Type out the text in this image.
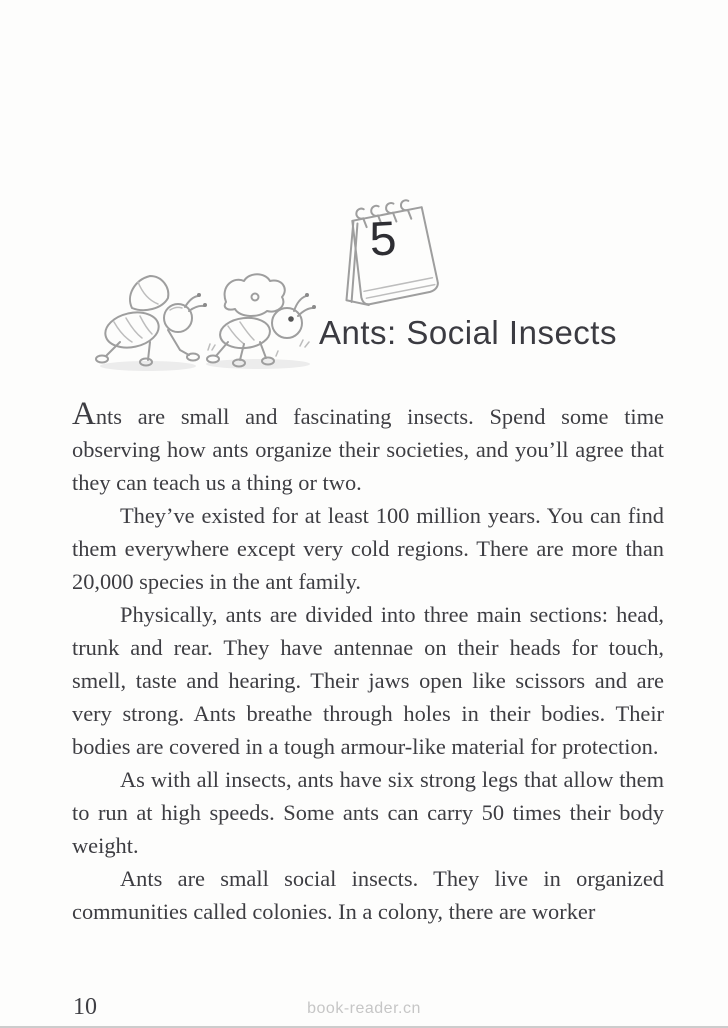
5
Ants: Social Insects

Ants are small and fascinating insects. Spend some time observing how ants organize their societies, and you’ll agree that they can teach us a thing or two.

They’ve existed for at least 100 million years. You can find them everywhere except very cold regions. There are more than 20,000 species in the ant family.

Physically, ants are divided into three main sections: head, trunk and rear. They have antennae on their heads for touch, smell, taste and hearing. Their jaws open like scissors and are very strong. Ants breathe through holes in their bodies. Their bodies are covered in a tough armour-like material for protection.

As with all insects, ants have six strong legs that allow them to run at high speeds. Some ants can carry 50 times their body weight.

Ants are small social insects. They live in organized communities called colonies. In a colony, there are worker

10	book-reader.cn
